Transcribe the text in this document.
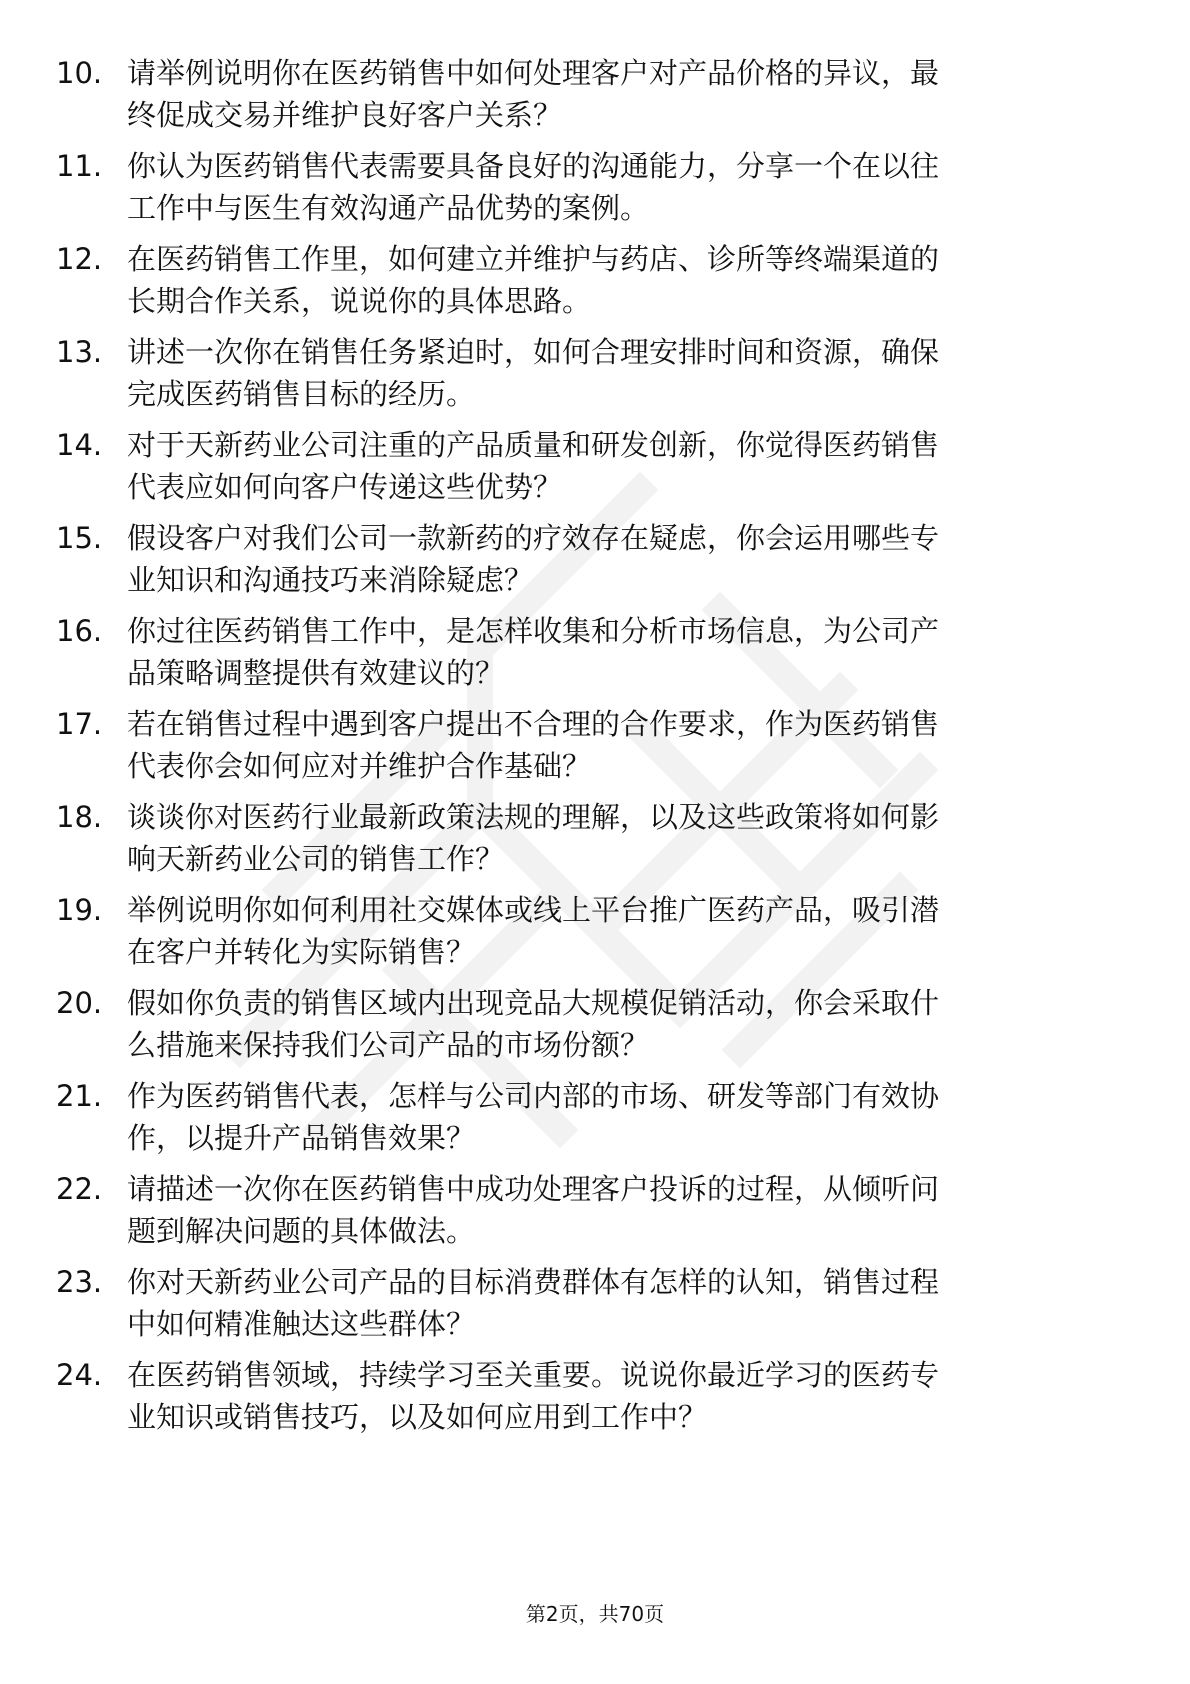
10. 请举例说明你在医药销售中如何处理客户对产品价格的异议，最
终促成交易并维护良好客户关系？
11. 你认为医药销售代表需要具备良好的沟通能力，分享一个在以往
工作中与医生有效沟通产品优势的案例。
12. 在医药销售工作里，如何建立并维护与药店、诊所等终端渠道的
长期合作关系，说说你的具体思路。
13. 讲述一次你在销售任务紧迫时，如何合理安排时间和资源，确保
完成医药销售目标的经历。
14. 对于天新药业公司注重的产品质量和研发创新，你觉得医药销售
代表应如何向客户传递这些优势？
15. 假设客户对我们公司一款新药的疗效存在疑虑，你会运用哪些专
业知识和沟通技巧来消除疑虑？
16. 你过往医药销售工作中，是怎样收集和分析市场信息，为公司产
品策略调整提供有效建议的？
17. 若在销售过程中遇到客户提出不合理的合作要求，作为医药销售
代表你会如何应对并维护合作基础？
18. 谈谈你对医药行业最新政策法规的理解，以及这些政策将如何影
响天新药业公司的销售工作？
19. 举例说明你如何利用社交媒体或线上平台推广医药产品，吸引潜
在客户并转化为实际销售？
20. 假如你负责的销售区域内出现竞品大规模促销活动，你会采取什
么措施来保持我们公司产品的市场份额？
21. 作为医药销售代表，怎样与公司内部的市场、研发等部门有效协
作，以提升产品销售效果？
22. 请描述一次你在医药销售中成功处理客户投诉的过程，从倾听问
题到解决问题的具体做法。
23. 你对天新药业公司产品的目标消费群体有怎样的认知，销售过程
中如何精准触达这些群体？
24. 在医药销售领域，持续学习至关重要。说说你最近学习的医药专
业知识或销售技巧，以及如何应用到工作中？
第2页，共70页
